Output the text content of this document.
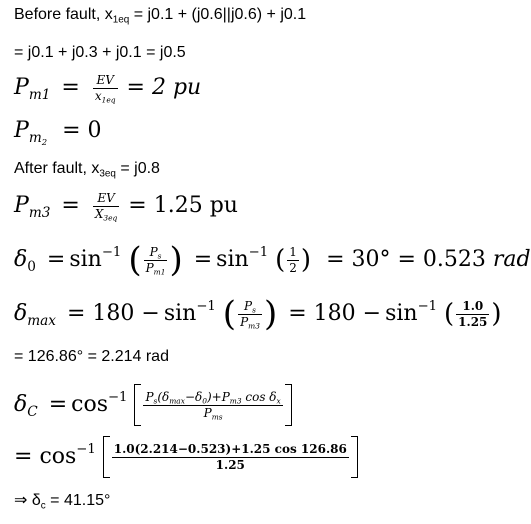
Before fault, $x_{1eq} = j0.1 + (j0.6||j0.6) + j0.1$
= j0.1 + j0.3 + j0.1 = j0.5
$P_{m1} = \frac{EV}{x_{1eq}} = 2$ pu
$P_{m_2} = 0$
After fault, $x_{3eq} = j0.8$
$P_{m3} = \frac{EV}{X_{3eq}} = 1.25$ pu
$\delta_0 = \sin^{-1}$ ( $\frac{P_s}{P_{m1}}$ ) = $\sin^{-1}$ ( $\frac{1}{2}$ ) = 30° = 0.523 rad
$\delta_{max} = 180 - \sin^{-1}$ ( $\frac{P_s}{P_{m3}}$ ) = $180 - \sin^{-1}$ ( $\frac{1.0}{1.25}$ )
= 126.86° = 2.214 rad
$\delta_C = \cos^{-1} \frac{P_s(\delta_{max}-\delta_0)+P_{m3} \cos \delta_x}{P_{ms}}$
= $\cos^{-1} \frac{1.0(2.214-0.523)+1.25 \cos 126.86}{1.25}$
⇒ $\delta_c = 41.15^\circ$
